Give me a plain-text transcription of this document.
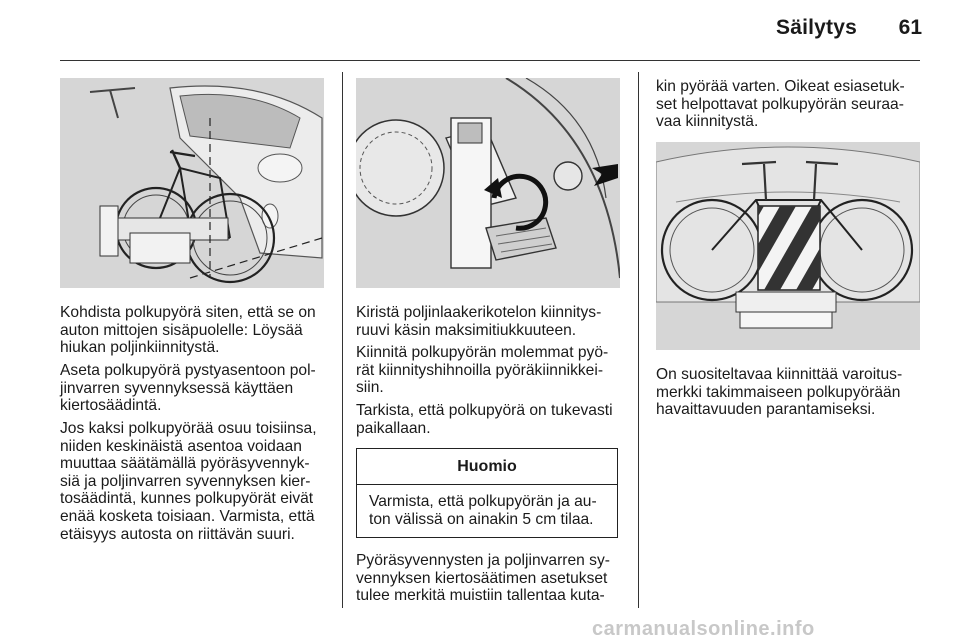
Säilytys	61

Kohdista polkupyörä siten, että se on
auton mittojen sisäpuolelle: Löysää
hiukan poljinkiinnitystä.

Aseta polkupyörä pystyasentoon pol-
jinvarren syvennyksessä käyttäen
kiertosäädintä.

Jos kaksi polkupyörää osuu toisiinsa,
niiden keskinäistä asentoa voidaan
muuttaa säätämällä pyöräsyvennyk-
siä ja poljinvarren syvennyksen kier-
tosäädintä, kunnes polkupyörät eivät
enää kosketa toisiaan. Varmista, että
etäisyys autosta on riittävän suuri.

Kiristä poljinlaakerikotelon kiinnitys-
ruuvi käsin maksimitiukkuuteen.

Kiinnitä polkupyörän molemmat pyö-
rät kiinnityshihnoilla pyöräkiinnikkei-
siin.

Tarkista, että polkupyörä on tukevasti
paikallaan.

Huomio
Varmista, että polkupyörän ja au-
ton välissä on ainakin 5 cm tilaa.

Pyöräsyvennysten ja poljinvarren sy-
vennyksen kiertosäätimen asetukset
tulee merkitä muistiin tallentaa kuta-

kin pyörää varten. Oikeat esiasetuk-
set helpottavat polkupyörän seuraa-
vaa kiinnitystä.

On suositeltavaa kiinnittää varoitus-
merkki takimmaiseen polkupyörään
havaittavuuden parantamiseksi.

carmanualsonline.info
